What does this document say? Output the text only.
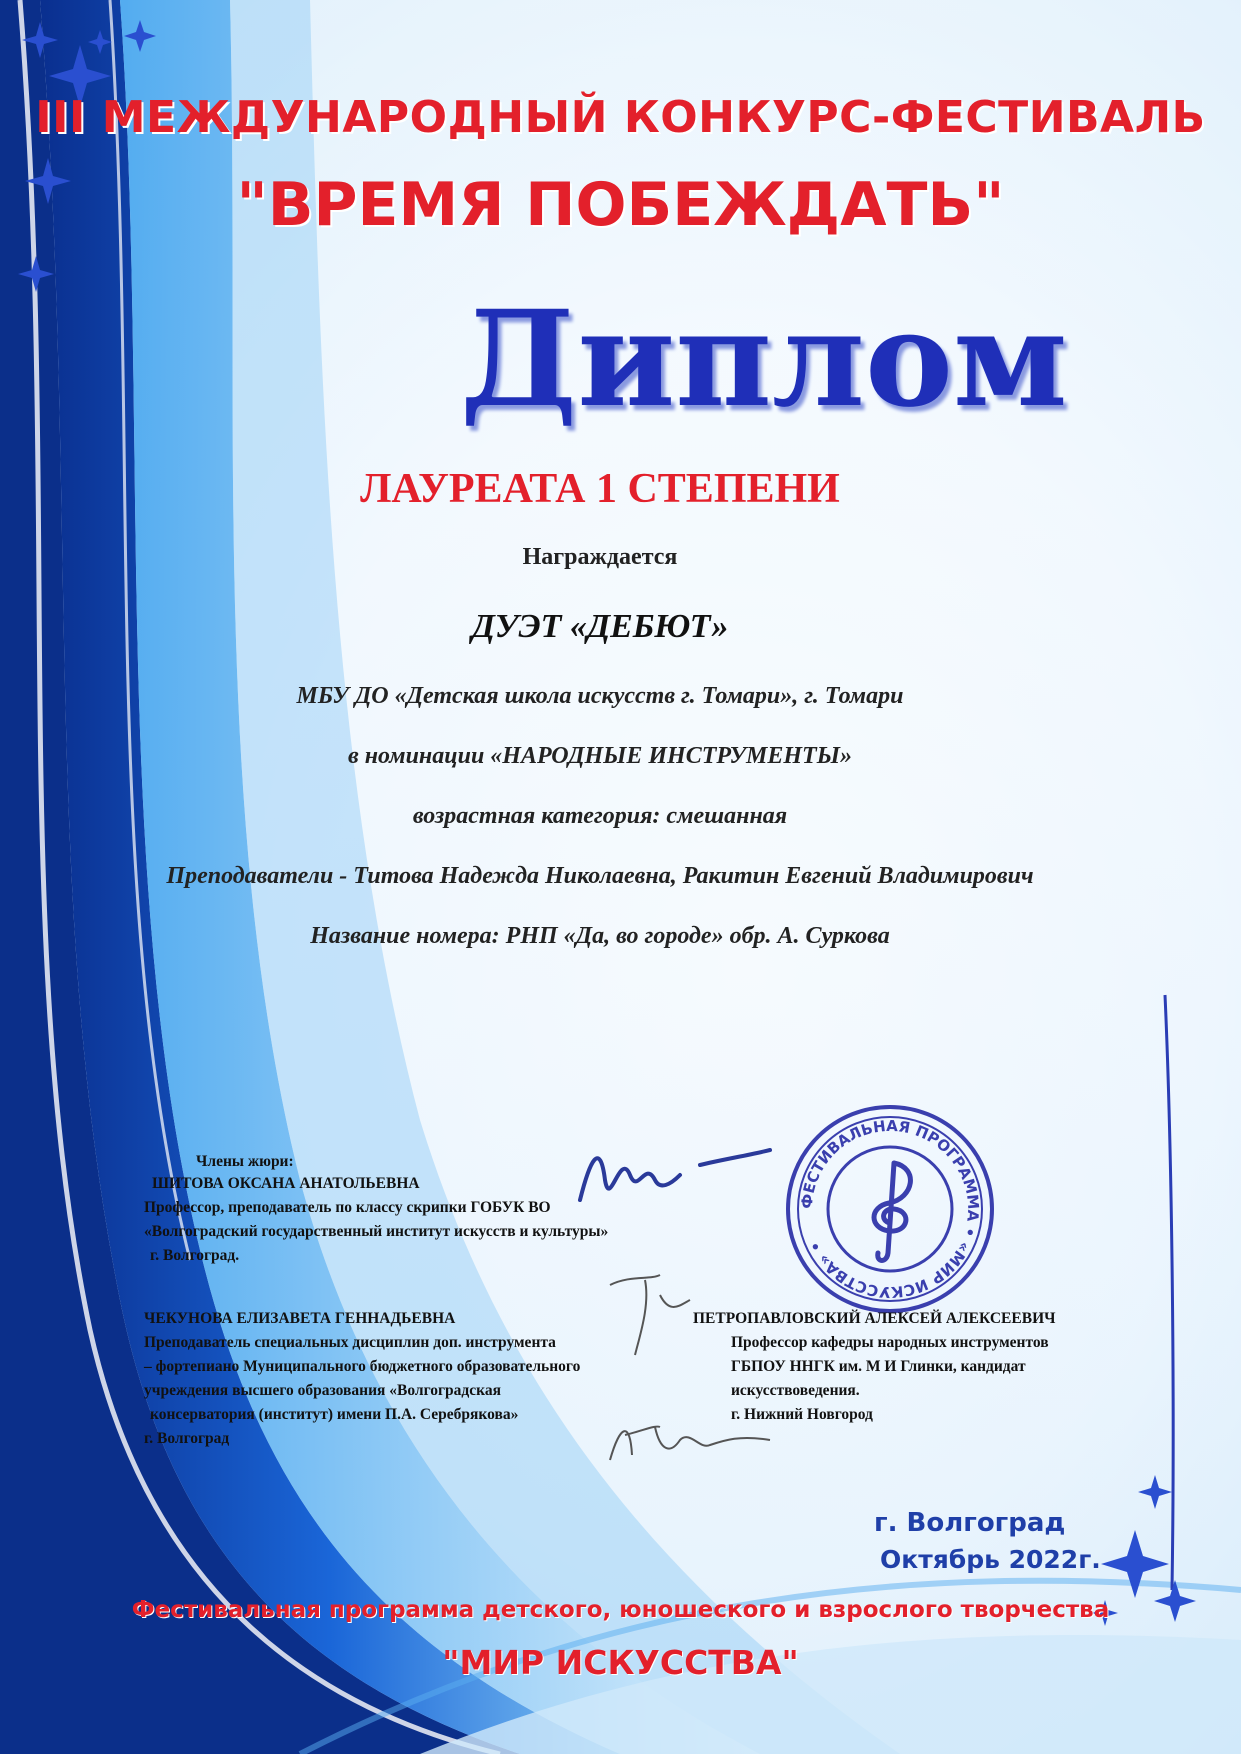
III МЕЖДУНАРОДНЫЙ КОНКУРС-ФЕСТИВАЛЬ
"ВРЕМЯ ПОБЕЖДАТЬ"
Диплом
ЛАУРЕАТА 1 СТЕПЕНИ
Награждается
ДУЭТ «ДЕБЮТ»
МБУ ДО «Детская школа искусств г. Томари», г. Томари
в номинации «НАРОДНЫЕ ИНСТРУМЕНТЫ»
возрастная категория: смешанная
Преподаватели - Титова Надежда Николаевна, Ракитин Евгений Владимирович
Название номера: РНП «Да, во городе» обр. А. Суркова
ФЕСТИВАЛЬНАЯ ПРОГРАММА • «МИР ИСКУССТВА» •
Члены жюри:
ШИТОВА ОКСАНА АНАТОЛЬЕВНА
Профессор, преподаватель по классу скрипки ГОБУК ВО
«Волгоградский государственный институт искусств и культуры»
г. Волгоград.
ЧЕКУНОВА ЕЛИЗАВЕТА ГЕННАДЬЕВНА
Преподаватель специальных дисциплин доп. инструмента
– фортепиано Муниципального бюджетного образовательного
учреждения высшего образования «Волгоградская
консерватория (институт) имени П.А. Серебрякова»
г. Волгоград
ПЕТРОПАВЛОВСКИЙ АЛЕКСЕЙ АЛЕКСЕЕВИЧ
Профессор кафедры народных инструментов
ГБПОУ ННГК им. М И Глинки, кандидат
искусствоведения.
г. Нижний Новгород
г. Волгоград
Октябрь 2022г.
Фестивальная программа детского, юношеского и взрослого творчества
"МИР ИСКУССТВА"
